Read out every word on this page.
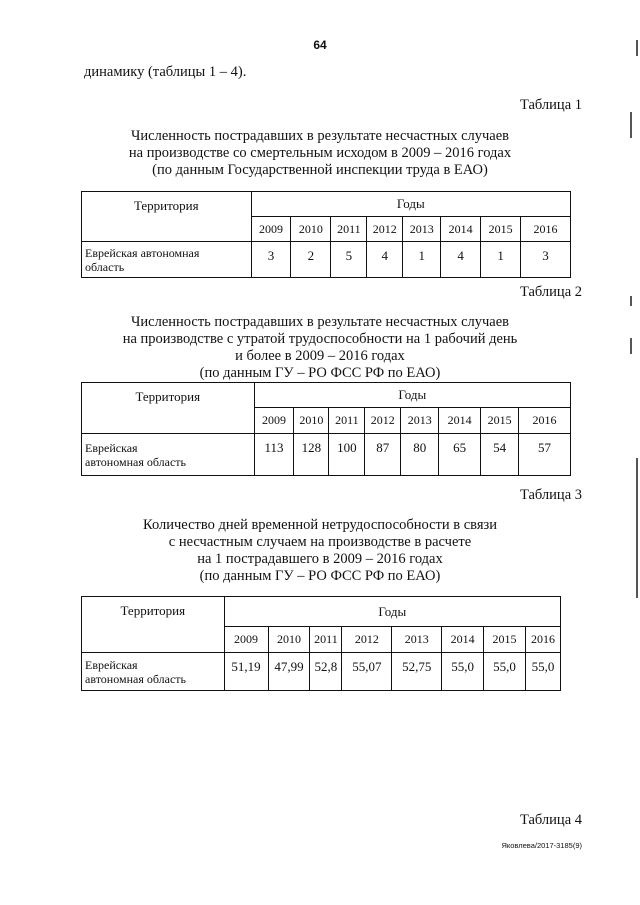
64
динамику (таблицы 1 – 4).
Таблица 1
Численность пострадавших в результате несчастных случаев
на производстве со смертельным исходом в 2009 – 2016 годах
(по данным Государственной инспекции труда в ЕАО)
Территория	Годы							
	2009	2010	2011	2012	2013	2014	2015	2016
Еврейская автономная
область	3	2	5	4	1	4	1	3
Таблица 2
Численность пострадавших в результате несчастных случаев
на производстве с утратой трудоспособности на 1 рабочий день
и более в 2009 – 2016 годах
(по данным ГУ – РО ФСС РФ по ЕАО)
Территория	Годы							
	2009	2010	2011	2012	2013	2014	2015	2016
Еврейская
автономная область	113	128	100	87	80	65	54	57
Таблица 3
Количество дней временной нетрудоспособности в связи
с несчастным случаем на производстве в расчете
на 1 пострадавшего в 2009 – 2016 годах
(по данным ГУ – РО ФСС РФ по ЕАО)
Территория	Годы							
	2009	2010	2011	2012	2013	2014	2015	2016
Еврейская
автономная область	51,19	47,99	52,8	55,07	52,75	55,0	55,0	55,0
Таблица 4
Яковлева/2017-3185(9)
